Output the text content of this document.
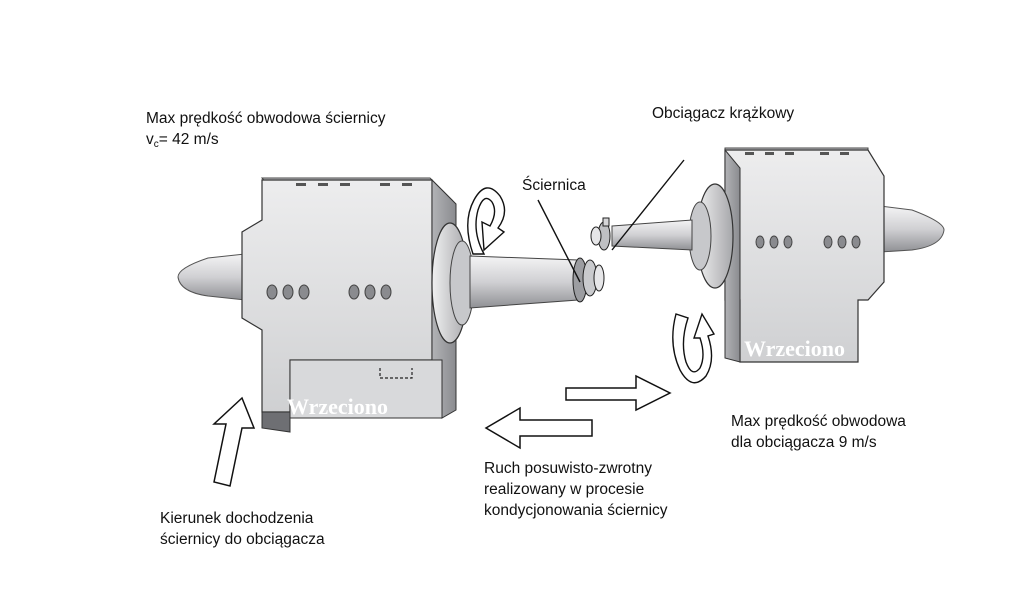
Wrzeciono
Wrzeciono
Max prędkość obwodowa ściernicy
vc= 42 m/s
Obciągacz krążkowy
Ściernica
Max prędkość obwodowa
dla obciągacza 9 m/s
Ruch posuwisto-zwrotny
realizowany w procesie
kondycjonowania ściernicy
Kierunek dochodzenia
ściernicy do obciągacza
